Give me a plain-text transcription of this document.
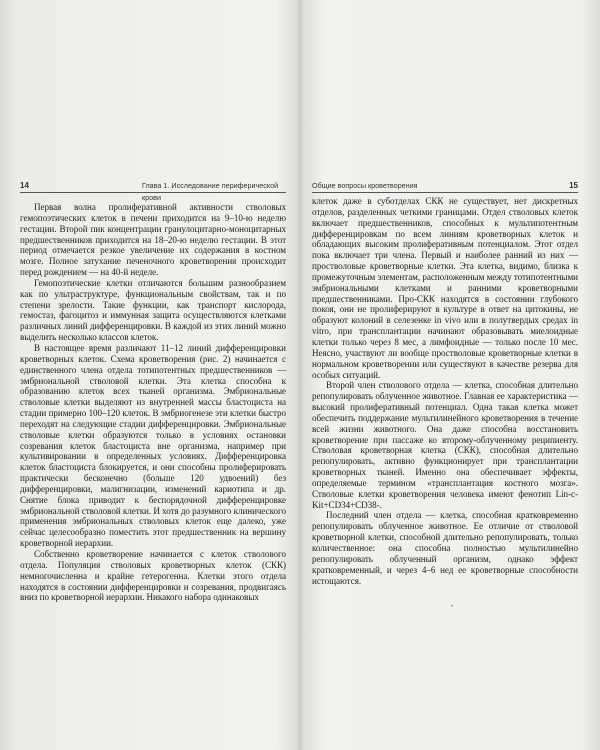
14	Глава 1. Исследование периферической крови

Первая волна пролиферативной активности стволовых гемопоэтических клеток в печени приходится на 9–10-ю неделю гестации. Второй пик концентрации гранулоцитарно-моноцитарных предшественников приходится на 18–20-ю неделю гестации. В этот период отмечается резкое увеличение их содержания в костном мозге. Полное затухание печеночного кроветворения происходит перед рождением — на 40-й неделе.

Гемопоэтические клетки отличаются большим разнообразием как по ультраструктуре, функциональным свойствам, так и по степени зрелости. Такие функции, как транспорт кислорода, гемостаз, фагоцитоз и иммунная защита осуществляются клетками различных линий дифференцировки. В каждой из этих линий можно выделить несколько классов клеток.

В настоящее время различают 11–12 линий дифференцировки кроветворных клеток. Схема кроветворения (рис. 2) начинается с единственного члена отдела тотипотентных предшественников — эмбриональной стволовой клетки. Эта клетка способна к образованию клеток всех тканей организма. Эмбриональные стволовые клетки выделяют из внутренней массы бластоциста на стадии примерно 100–120 клеток. В эмбриогенезе эти клетки быстро переходят на следующие стадии дифференцировки. Эмбриональные стволовые клетки образуются только в условиях остановки созревания клеток бластоциста вне организма, например при культивировании в определенных условиях. Дифференцировка клеток бластоциста блокируется, и они способны пролиферировать практически бесконечно (больше 120 удвоений) без дифференцировки, малигнизации, изменений кариотипа и др. Снятие блока приводит к беспорядочной дифференцировке эмбриональной стволовой клетки. И хотя до разумного клинического применения эмбриональных стволовых клеток еще далеко, уже сейчас целесообразно поместить этот предшественник на вершину кроветворной иерархии.

Собственно кроветворение начинается с клеток стволового отдела. Популяция стволовых кроветворных клеток (СКК) немногочисленна и крайне гетерогенна. Клетки этого отдела находятся в состоянии дифференцировки и созревания, продвигаясь вниз по кроветворной иерархии. Никакого набора одинаковых

Общие вопросы кроветворения	15

клеток даже в суботделах СКК не существует, нет дискретных отделов, разделенных четкими границами. Отдел стволовых клеток включает предшественников, способных к мультипотентным дифференцировкам по всем линиям кроветворных клеток и обладающих высоким пролиферативным потенциалом. Этот отдел пока включает три члена. Первый и наиболее ранний из них — простволовые кроветворные клетки. Эта клетка, видимо, близка к промежуточным элементам, расположенным между тотипотентными эмбриональными клетками и ранними кроветворными предшественниками. Про-СКК находятся в состоянии глубокого покоя, они не пролиферируют в культуре в ответ на цитокины, не образуют колоний в селезенке in vivo или в полутвердых средах in vitro, при трансплантации начинают образовывать миелоидные клетки только через 8 мес, а лимфоидные — только после 10 мес. Неясно, участвуют ли вообще простволовые кроветворные клетки в нормальном кроветворении или существуют в качестве резерва для особых ситуаций.

Второй член стволового отдела — клетка, способная длительно репопулировать облученное животное. Главная ее характеристика — высокий пролиферативный потенциал. Одна такая клетка может обеспечить поддержание мультилинейного кроветворения в течение всей жизни животного. Она даже способна восстановить кроветворение при пассаже ко второму-облученному реципиенту. Стволовая кроветворная клетка (СКК), способная длительно репопулировать, активно функционирует при трансплантации кроветворных тканей. Именно она обеспечивает эффекты, определяемые термином «трансплантация костного мозга». Стволовые клетки кроветворения человека имеют фенотип Lin-c-Kit+CD34+CD38-.

Последний член отдела — клетка, способная кратковременно репопулировать облученное животное. Ее отличие от стволовой кроветворной клетки, способной длительно репопулировать, только количественное: она способна полностью мультилинейно репопулировать облученный организм, однако эффект кратковременный, и через 4–6 нед ее кроветворные способности истощаются.

•
